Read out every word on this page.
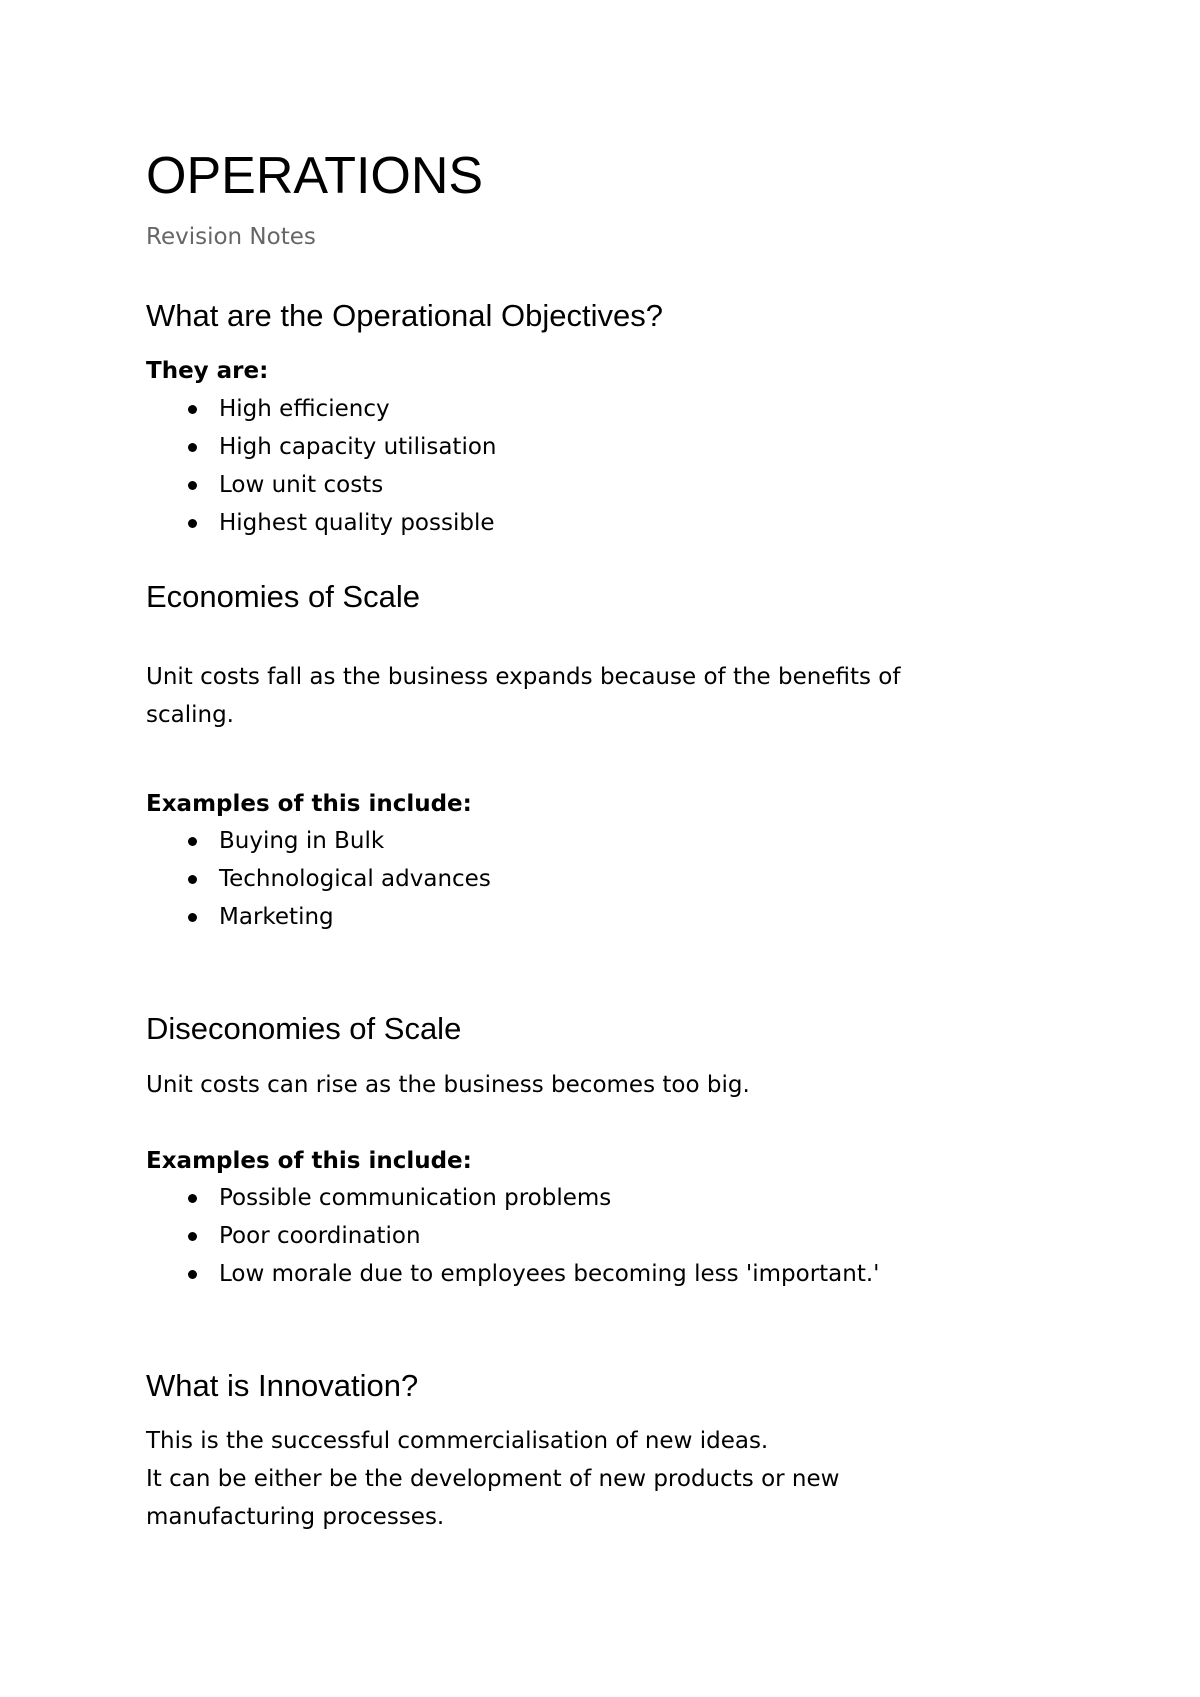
OPERATIONS
Revision Notes
What are the Operational Objectives?
They are:
High efficiency
High capacity utilisation
Low unit costs
Highest quality possible
Economies of Scale
Unit costs fall as the business expands because of the benefits of
scaling.
Examples of this include:
Buying in Bulk
Technological advances
Marketing
Diseconomies of Scale
Unit costs can rise as the business becomes too big.
Examples of this include:
Possible communication problems
Poor coordination
Low morale due to employees becoming less 'important.'
What is Innovation?
This is the successful commercialisation of new ideas.
It can be either be the development of new products or new
manufacturing processes.
